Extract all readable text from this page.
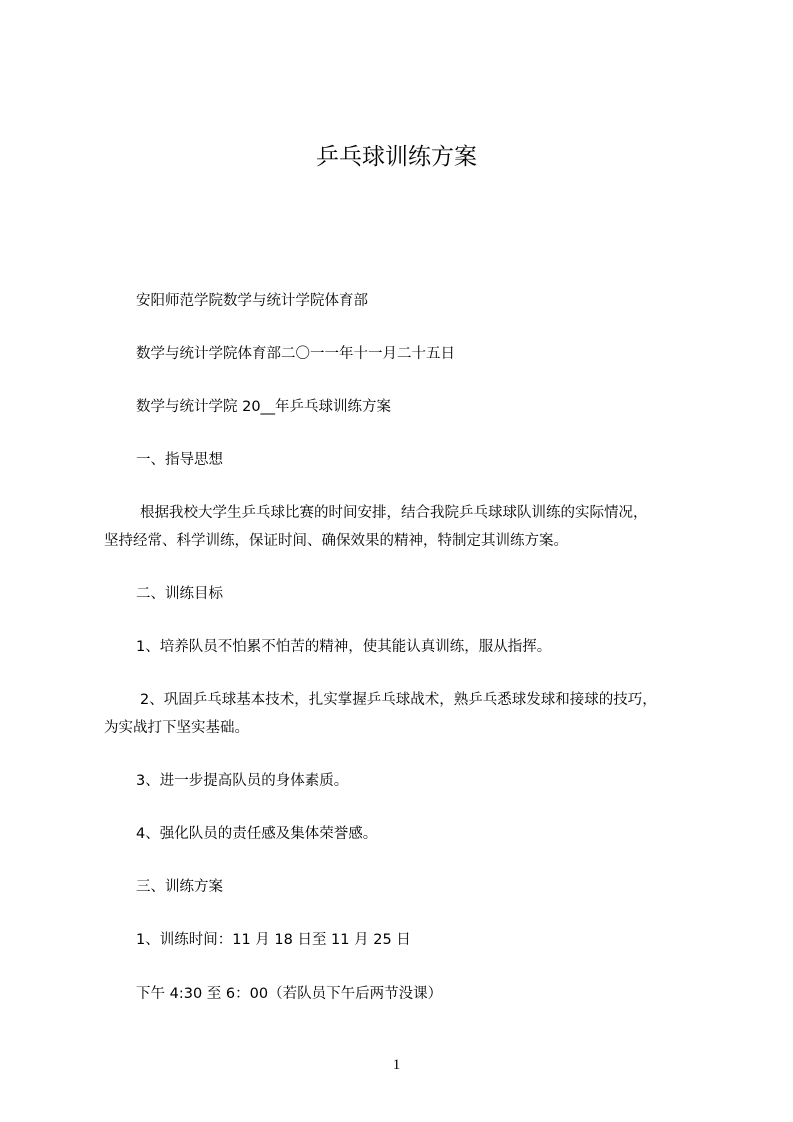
乒乓球训练方案
安阳师范学院数学与统计学院体育部
数学与统计学院体育部二〇一一年十一月二十五日
数学与统计学院 20__年乒乓球训练方案
一、指导思想
根据我校大学生乒乓球比赛的时间安排，结合我院乒乓球球队训练的实际情况，
坚持经常、科学训练，保证时间、确保效果的精神，特制定其训练方案。
二、训练目标
1、培养队员不怕累不怕苦的精神，使其能认真训练，服从指挥。
2、巩固乒乓球基本技术，扎实掌握乒乓球战术，熟乒乓悉球发球和接球的技巧，
为实战打下坚实基础。
3、进一步提高队员的身体素质。
4、强化队员的责任感及集体荣誉感。
三、训练方案
1、训练时间：11 月 18 日至 11 月 25 日
下午 4:30 至 6：00（若队员下午后两节没课）
1
